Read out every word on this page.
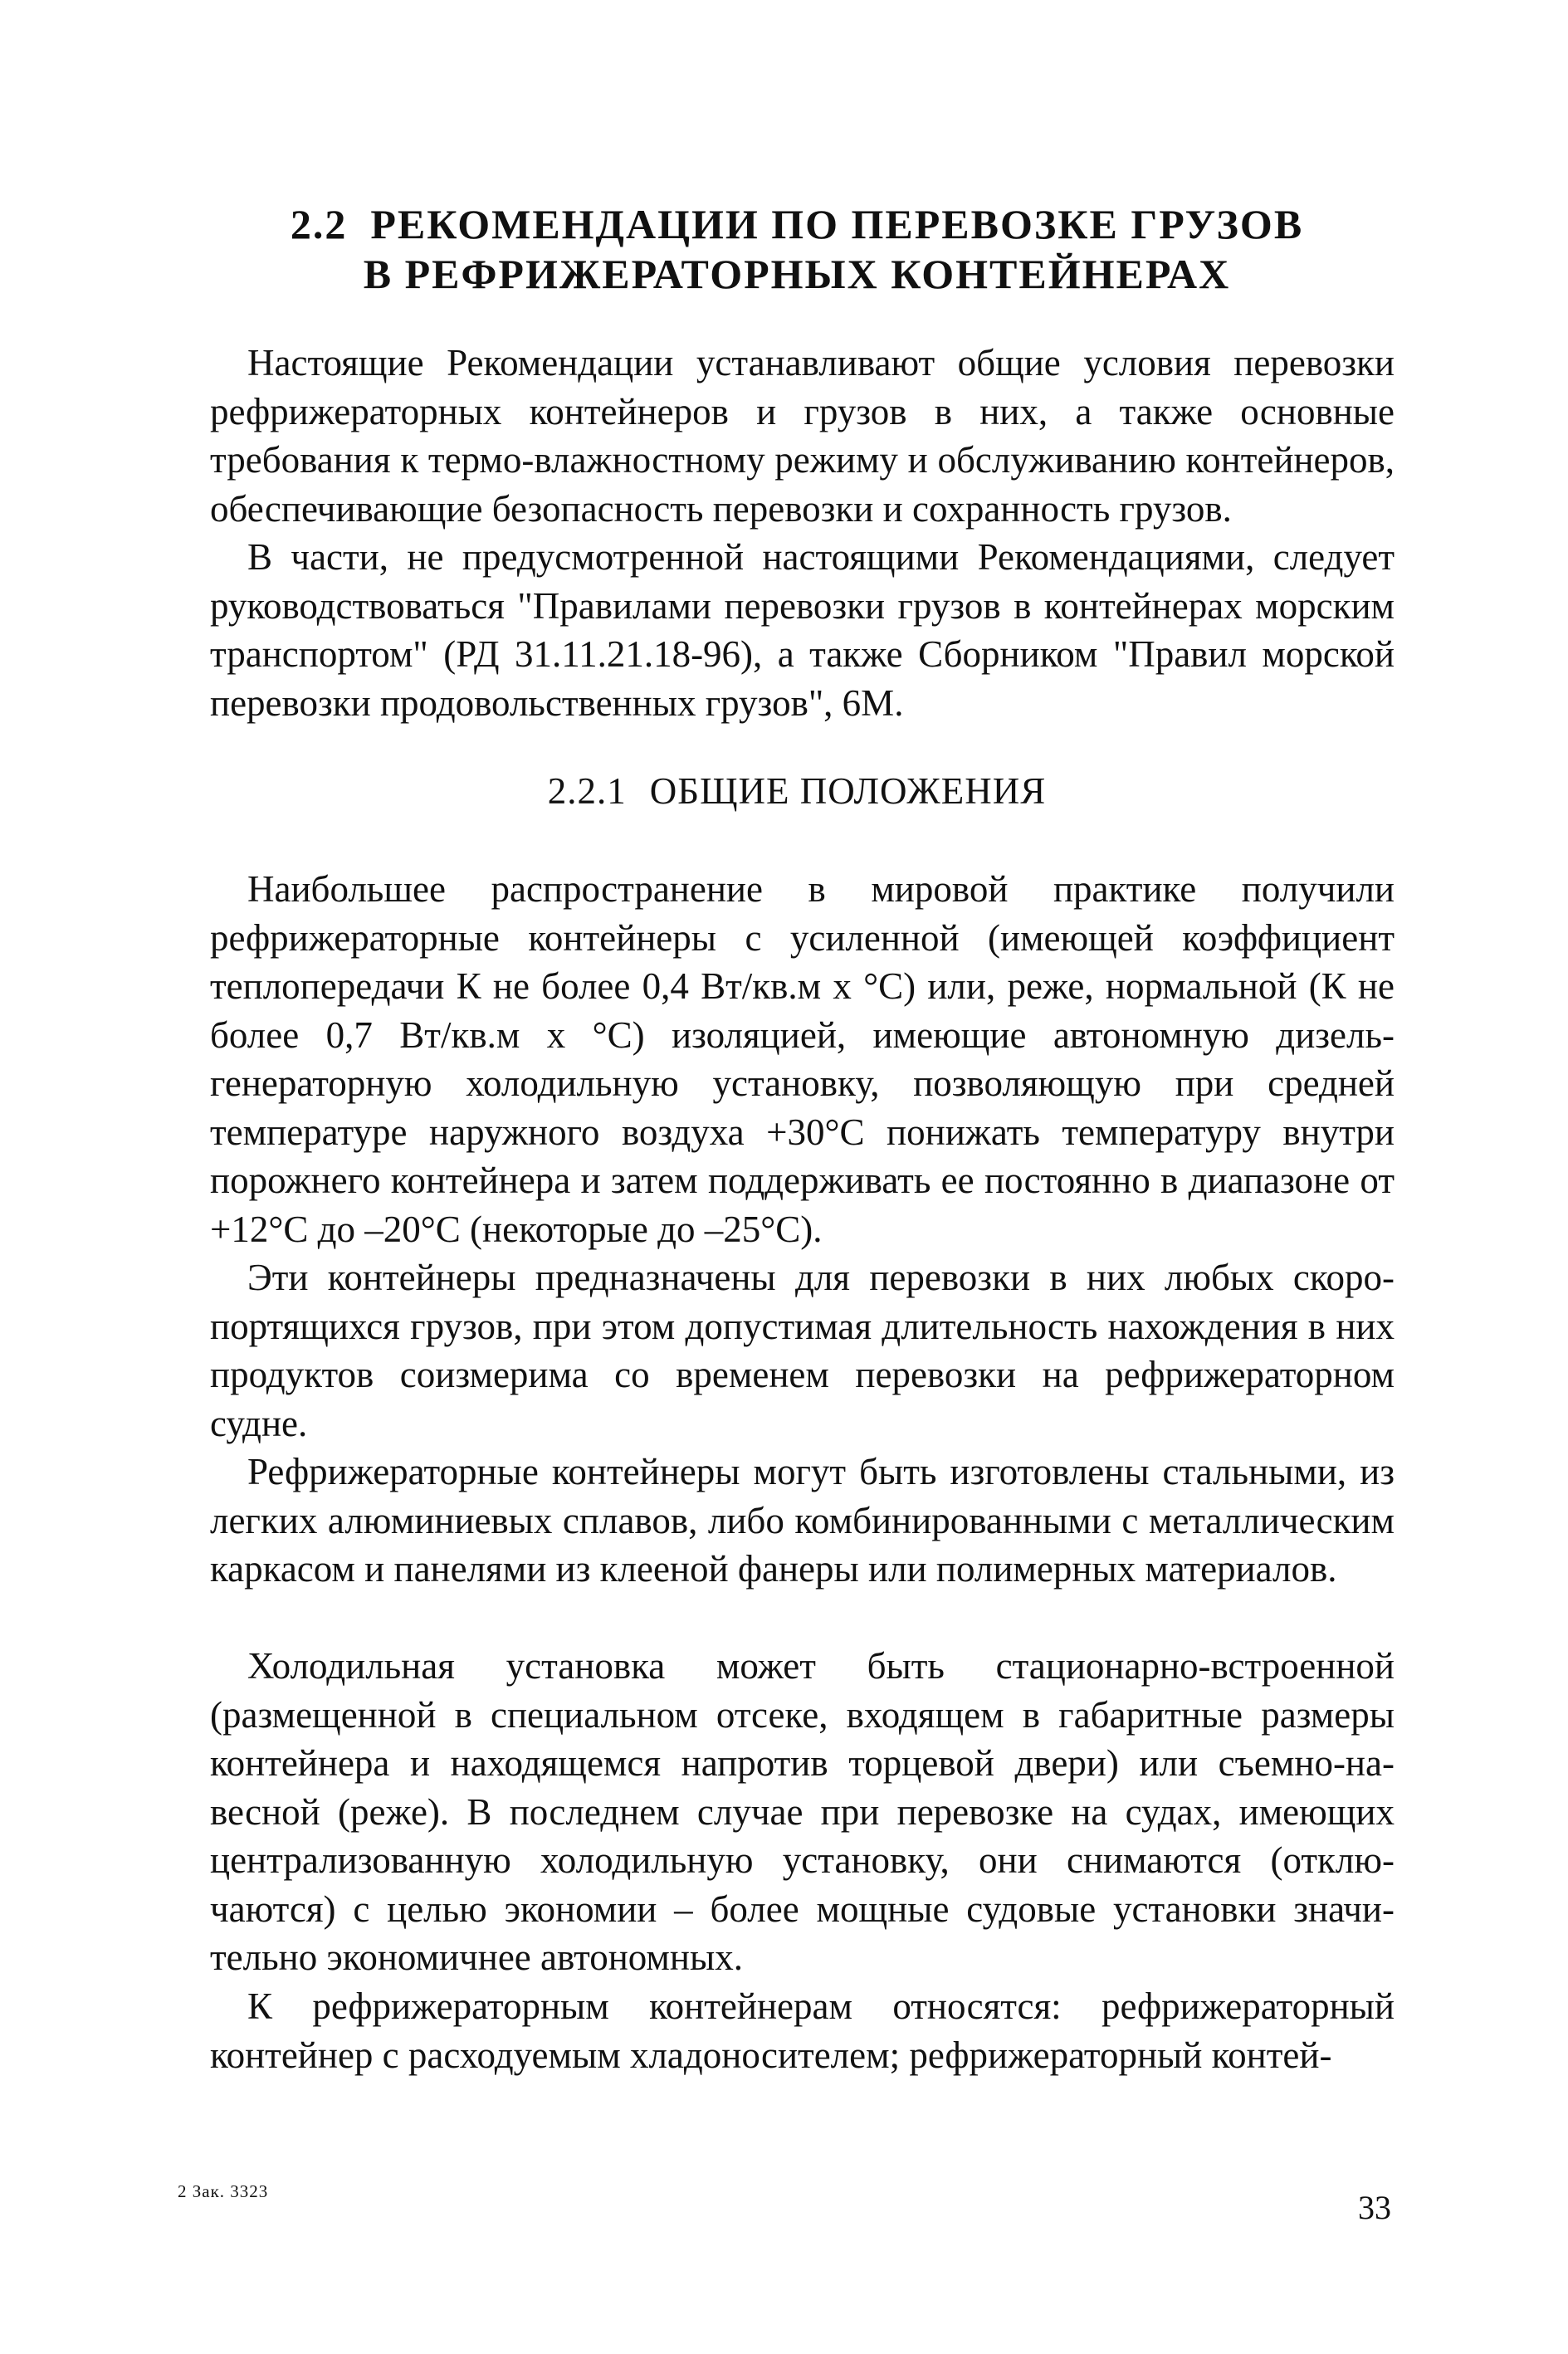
2.2 РЕКОМЕНДАЦИИ ПО ПЕРЕВОЗКЕ ГРУЗОВ
В РЕФРИЖЕРАТОРНЫХ КОНТЕЙНЕРАХ

Настоящие Рекомендации устанавливают общие условия перевозки рефрижераторных контейнеров и грузов в них, а также основные требования к термо-влажностному режиму и обслуживанию контейнеров, обеспечивающие безопасность перевозки и сохранность грузов.

В части, не предусмотренной настоящими Рекомендациями, следует руководствоваться "Правилами перевозки грузов в контейнерах морским транспортом" (РД 31.11.21.18-96), а также Сборником "Правил морской перевозки продовольственных грузов", 6М.

2.2.1 ОБЩИЕ ПОЛОЖЕНИЯ

Наибольшее распространение в мировой практике получили рефрижераторные контейнеры с усиленной (имеющей коэффициент теплопередачи К не более 0,4 Вт/кв.м х °С) или, реже, нормальной (К не более 0,7 Вт/кв.м х °С) изоляцией, имеющие автономную дизель-генераторную холодильную установку, позволяющую при средней температуре наружного воздуха +30°С понижать температуру внутри порожнего контейнера и затем поддерживать ее постоянно в диапазоне от +12°С до –20°С (некоторые до –25°С).

Эти контейнеры предназначены для перевозки в них любых скоропортящихся грузов, при этом допустимая длительность нахождения в них продуктов соизмерима со временем перевозки на рефрижераторном судне.

Рефрижераторные контейнеры могут быть изготовлены стальными, из легких алюминиевых сплавов, либо комбинированными с металлическим каркасом и панелями из клееной фанеры или полимерных материалов.

Холодильная установка может быть стационарно-встроенной (размещенной в специальном отсеке, входящем в габаритные размеры контейнера и находящемся напротив торцевой двери) или съемно-навесной (реже). В последнем случае при перевозке на судах, имеющих централизованную холодильную установку, они снимаются (отключаются) с целью экономии – более мощные судовые установки значительно экономичнее автономных.

К рефрижераторным контейнерам относятся: рефрижераторный контейнер с расходуемым хладоносителем; рефрижераторный контей-

2 Зак. 3323	33
